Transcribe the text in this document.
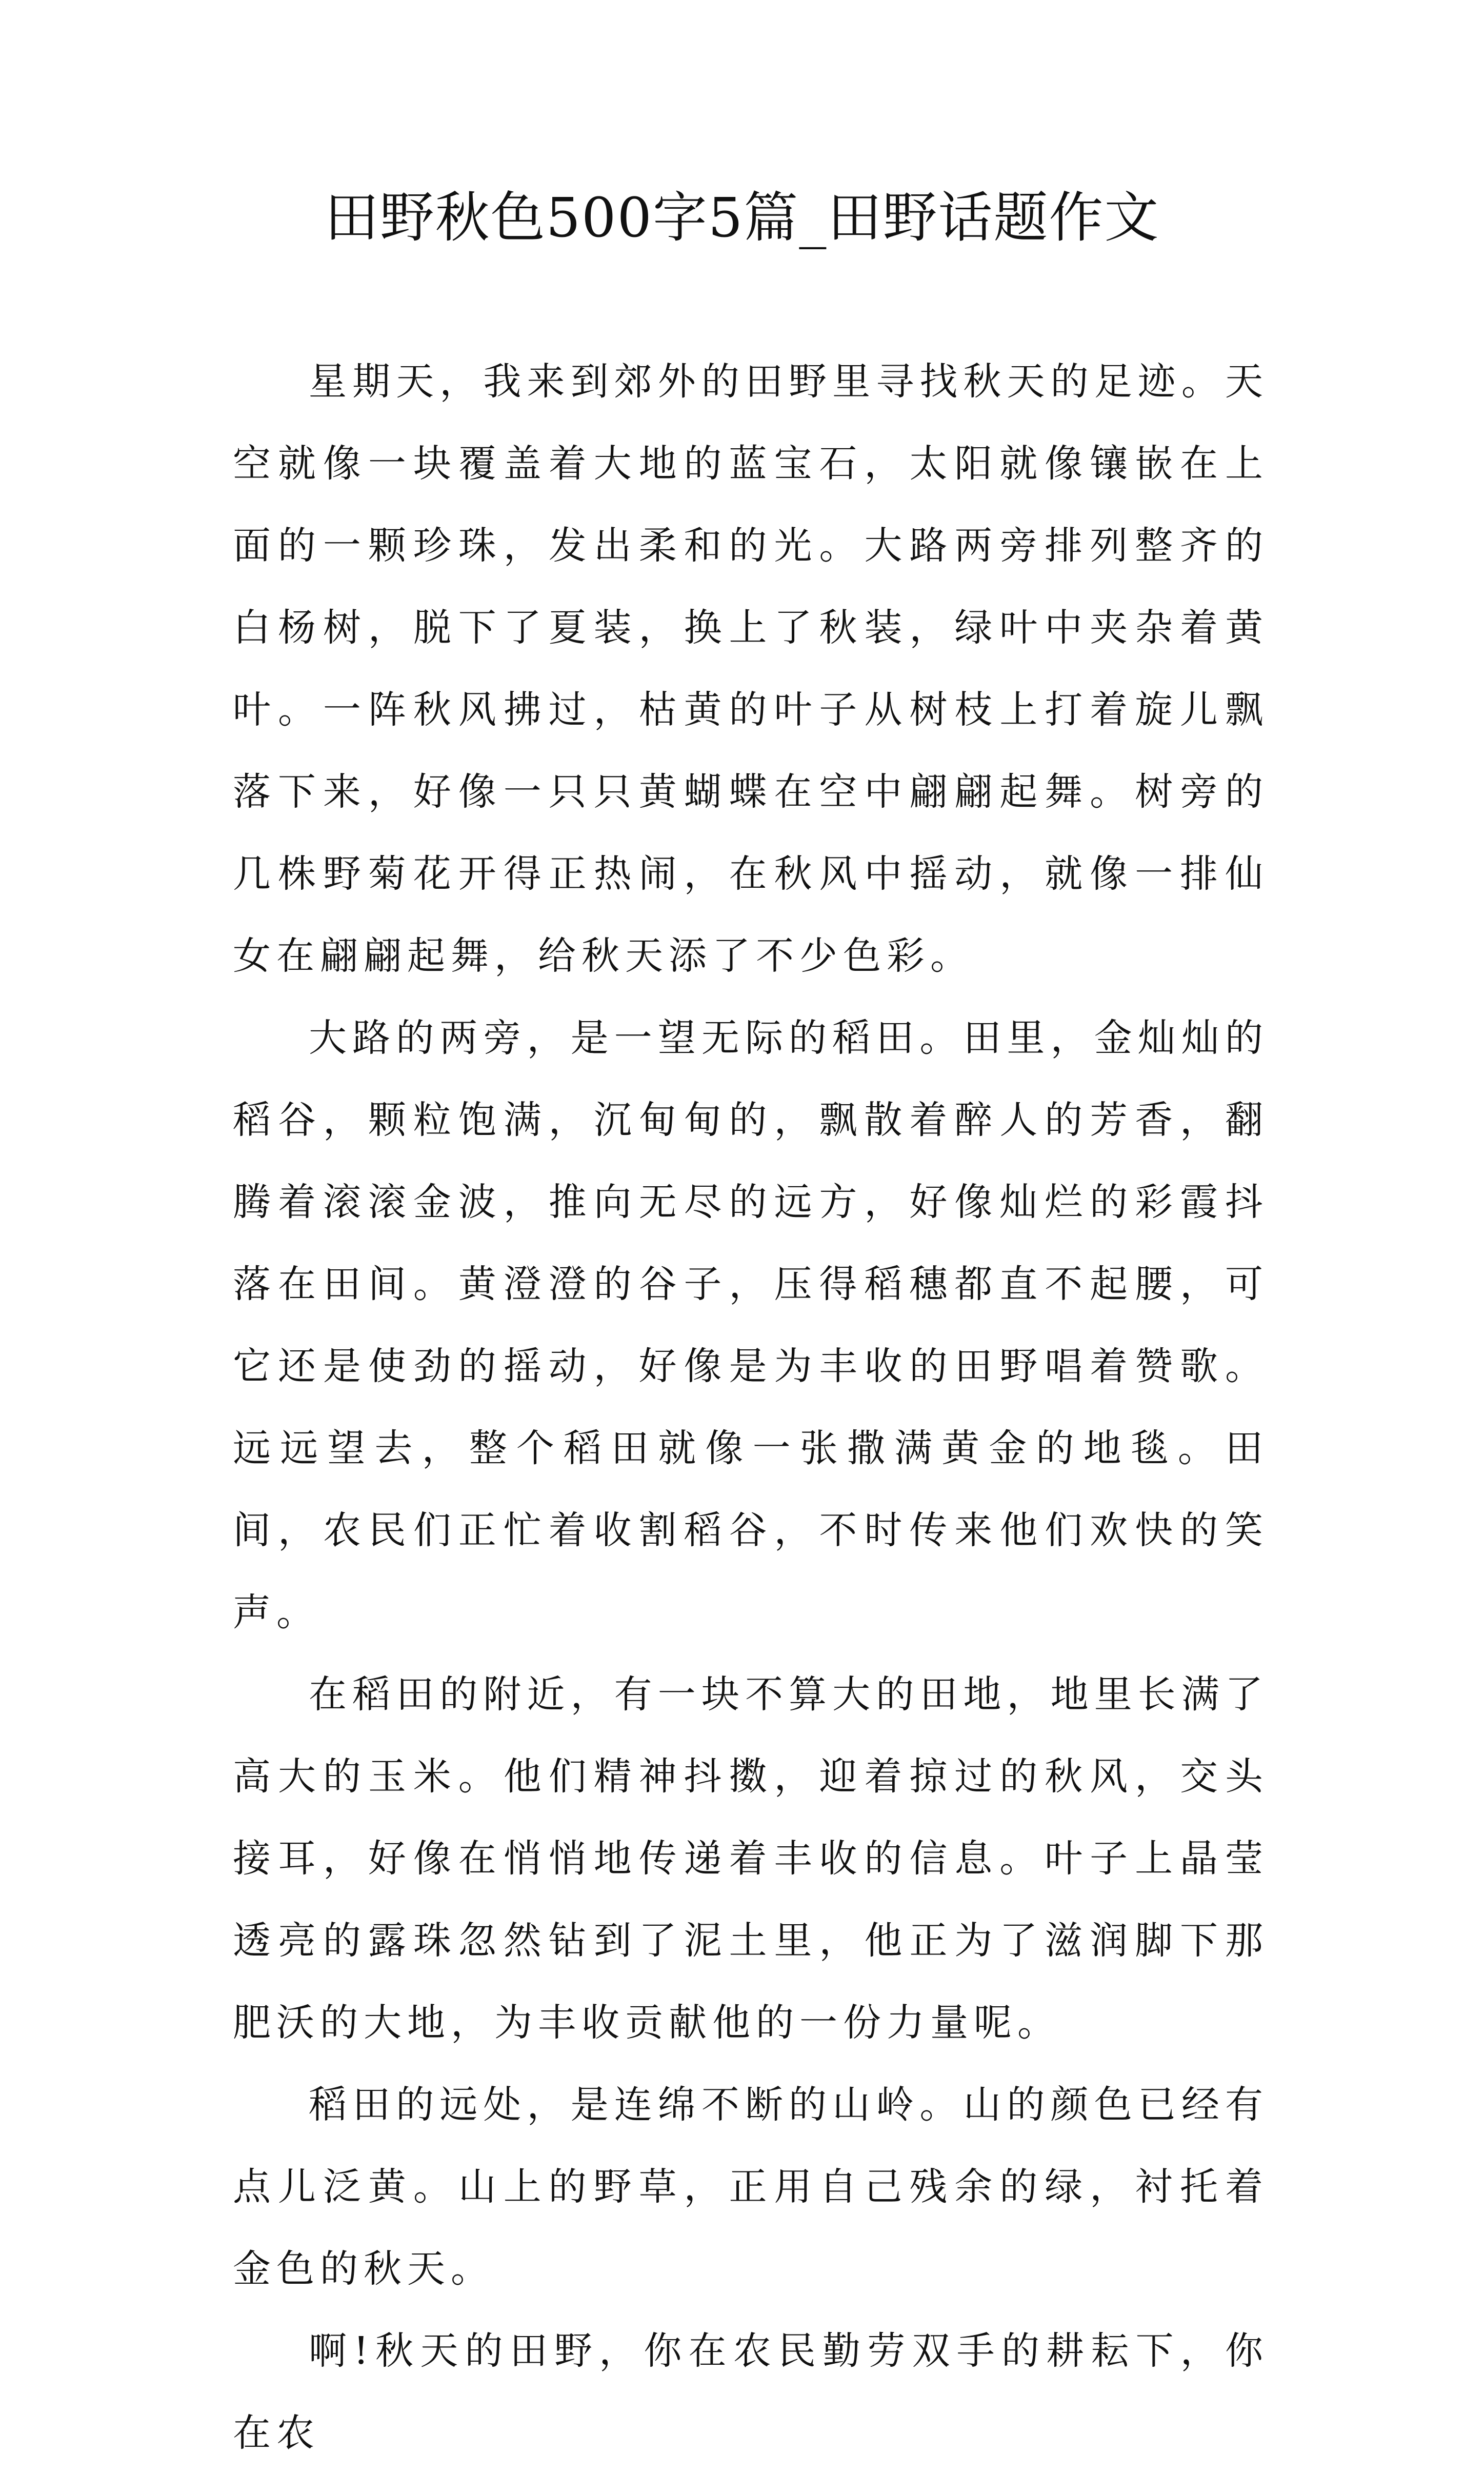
田野秋色500字5篇_田野话题作文

星期天，我来到郊外的田野里寻找秋天的足迹。天空就像一块覆盖着大地的蓝宝石，太阳就像镶嵌在上面的一颗珍珠，发出柔和的光。大路两旁排列整齐的白杨树，脱下了夏装，换上了秋装，绿叶中夹杂着黄叶。一阵秋风拂过，枯黄的叶子从树枝上打着旋儿飘落下来，好像一只只黄蝴蝶在空中翩翩起舞。树旁的几株野菊花开得正热闹，在秋风中摇动，就像一排仙女在翩翩起舞，给秋天添了不少色彩。

大路的两旁，是一望无际的稻田。田里，金灿灿的稻谷，颗粒饱满，沉甸甸的，飘散着醉人的芳香，翻腾着滚滚金波，推向无尽的远方，好像灿烂的彩霞抖落在田间。黄澄澄的谷子，压得稻穗都直不起腰，可它还是使劲的摇动，好像是为丰收的田野唱着赞歌。远远望去，整个稻田就像一张撒满黄金的地毯。田间，农民们正忙着收割稻谷，不时传来他们欢快的笑声。

在稻田的附近，有一块不算大的田地，地里长满了高大的玉米。他们精神抖擞，迎着掠过的秋风，交头接耳，好像在悄悄地传递着丰收的信息。叶子上晶莹透亮的露珠忽然钻到了泥土里，他正为了滋润脚下那肥沃的大地，为丰收贡献他的一份力量呢。

稻田的远处，是连绵不断的山岭。山的颜色已经有点儿泛黄。山上的野草，正用自己残余的绿，衬托着金色的秋天。

啊!秋天的田野，你在农民勤劳双手的耕耘下，你在农
